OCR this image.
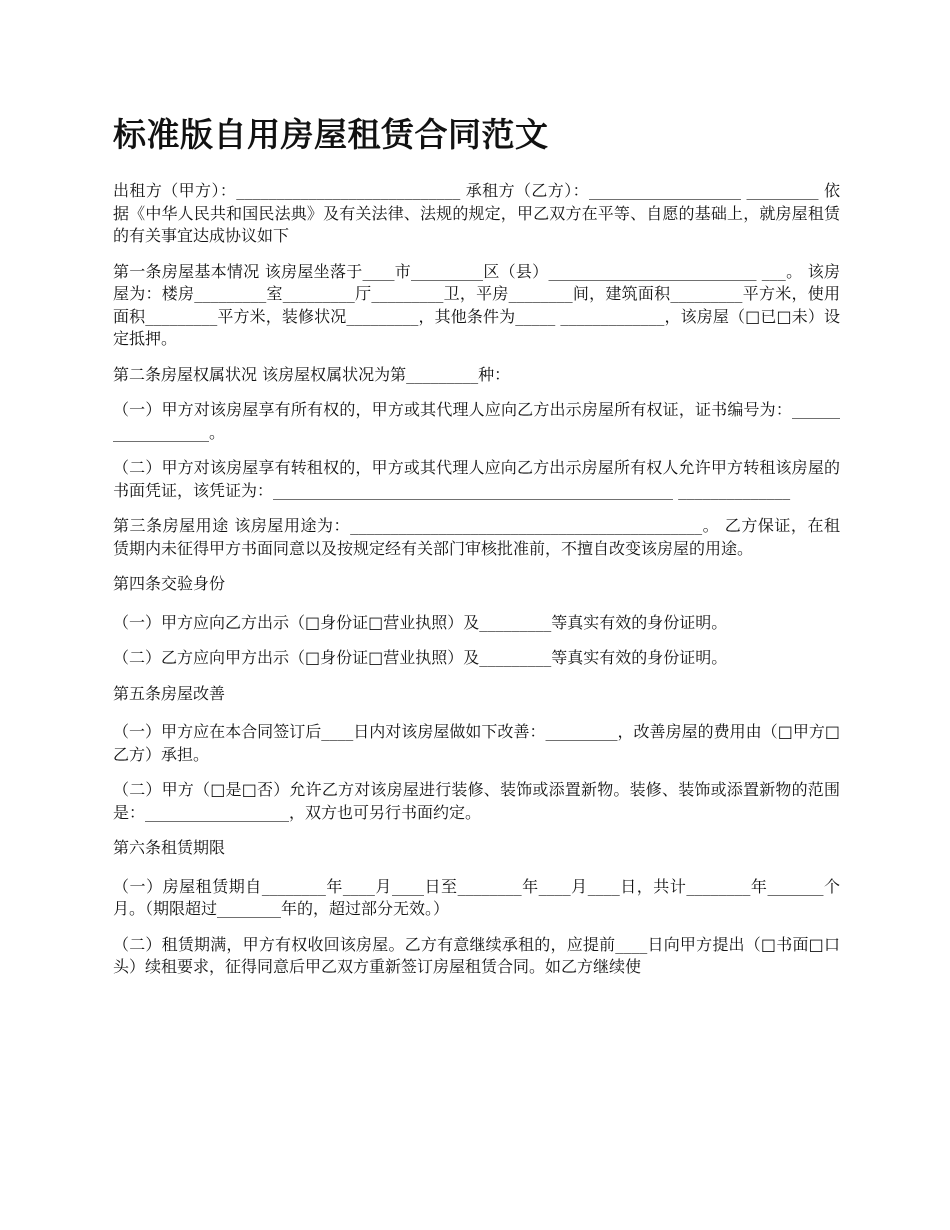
标准版自用房屋租赁合同范文

出租方（甲方）：____________________________ 承租方（乙方）：___________________ _________ 依据《中华人民共和国民法典》及有关法律、法规的规定，甲乙双方在平等、自愿的基础上，就房屋租赁的有关事宜达成协议如下

第一条房屋基本情况 该房屋坐落于____市_________区（县）__________________________ ___。 该房屋为：楼房_________室_________厅_________卫，平房________间，建筑面积_________平方米，使用面积_________平方米，装修状况_________，其他条件为_____ _____________，该房屋（□已□未）设定抵押。

第二条房屋权属状况 该房屋权属状况为第_________种：

（一）甲方对该房屋享有所有权的，甲方或其代理人应向乙方出示房屋所有权证，证书编号为：__________________。

（二）甲方对该房屋享有转租权的，甲方或其代理人应向乙方出示房屋所有权人允许甲方转租该房屋的书面凭证，该凭证为：__________________________________________________ ______________

第三条房屋用途 该房屋用途为：____________________________________________。 乙方保证，在租赁期内未征得甲方书面同意以及按规定经有关部门审核批准前，不擅自改变该房屋的用途。

第四条交验身份

（一）甲方应向乙方出示（□身份证□营业执照）及_________等真实有效的身份证明。

（二）乙方应向甲方出示（□身份证□营业执照）及_________等真实有效的身份证明。

第五条房屋改善

（一）甲方应在本合同签订后____日内对该房屋做如下改善：_________，改善房屋的费用由（□甲方□乙方）承担。

（二）甲方（□是□否）允许乙方对该房屋进行装修、装饰或添置新物。装修、装饰或添置新物的范围是：__________________，双方也可另行书面约定。

第六条租赁期限

（一）房屋租赁期自________年____月____日至________年____月____日，共计________年_______个月。（期限超过________年的，超过部分无效。）

（二）租赁期满，甲方有权收回该房屋。乙方有意继续承租的，应提前____日向甲方提出（□书面□口头）续租要求，征得同意后甲乙双方重新签订房屋租赁合同。如乙方继续使
